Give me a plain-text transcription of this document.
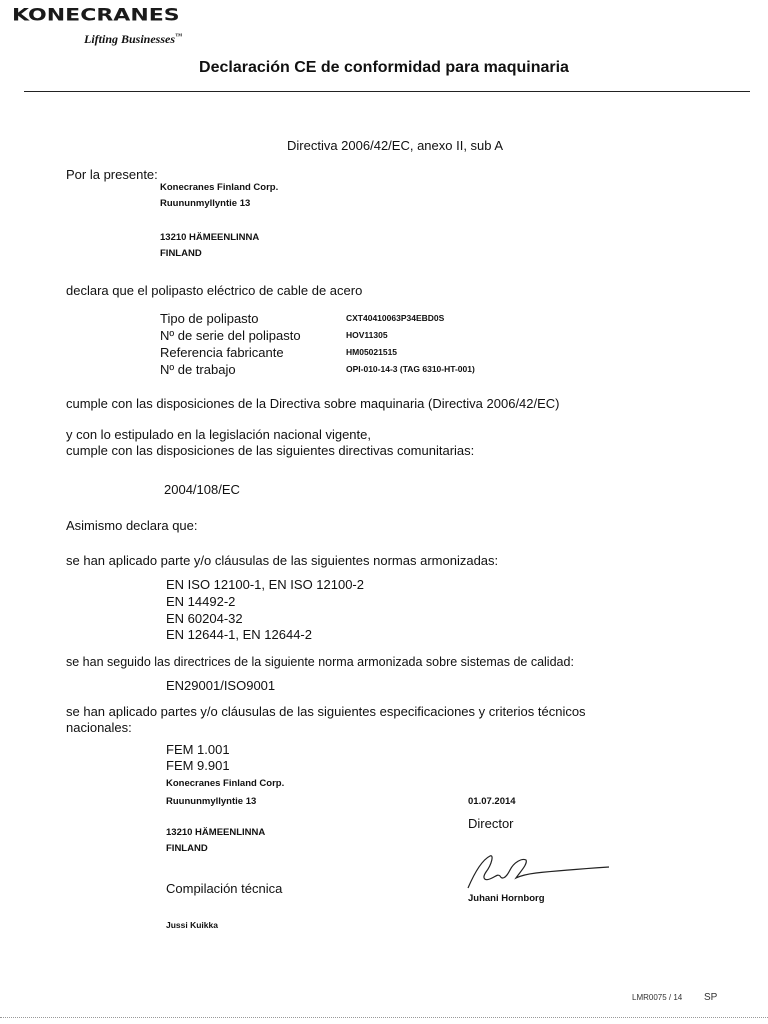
KONECRANES
Lifting Businesses™
Declaración CE de conformidad para maquinaria
Directiva 2006/42/EC, anexo II, sub A
Por la presente:
Konecranes Finland Corp.
Ruununmyllyntie 13
13210 HÄMEENLINNA
FINLAND
declara que el polipasto eléctrico de cable de acero
Tipo de polipasto	CXT40410063P34EBD0S
Nº de serie del polipasto	HOV11305
Referencia fabricante	HM05021515
Nº de trabajo	OPI-010-14-3 (TAG 6310-HT-001)
cumple con las disposiciones de la Directiva sobre maquinaria (Directiva 2006/42/EC)
y con lo estipulado en la legislación nacional vigente,
cumple con las disposiciones de las siguientes directivas comunitarias:
2004/108/EC
Asimismo declara que:
se han aplicado parte y/o cláusulas de las siguientes normas armonizadas:
EN ISO 12100-1, EN ISO 12100-2
EN 14492-2
EN 60204-32
EN 12644-1, EN 12644-2
se han seguido las directrices de la siguiente norma armonizada sobre sistemas de calidad:
EN29001/ISO9001
se han aplicado partes y/o cláusulas de las siguientes especificaciones y criterios técnicos
nacionales:
FEM 1.001
FEM 9.901
Konecranes Finland Corp.
Ruununmyllyntie 13
13210 HÄMEENLINNA
FINLAND
01.07.2014
Director
Juhani Hornborg
Compilación técnica
Jussi Kuikka
LMR0075 / 14 SP
